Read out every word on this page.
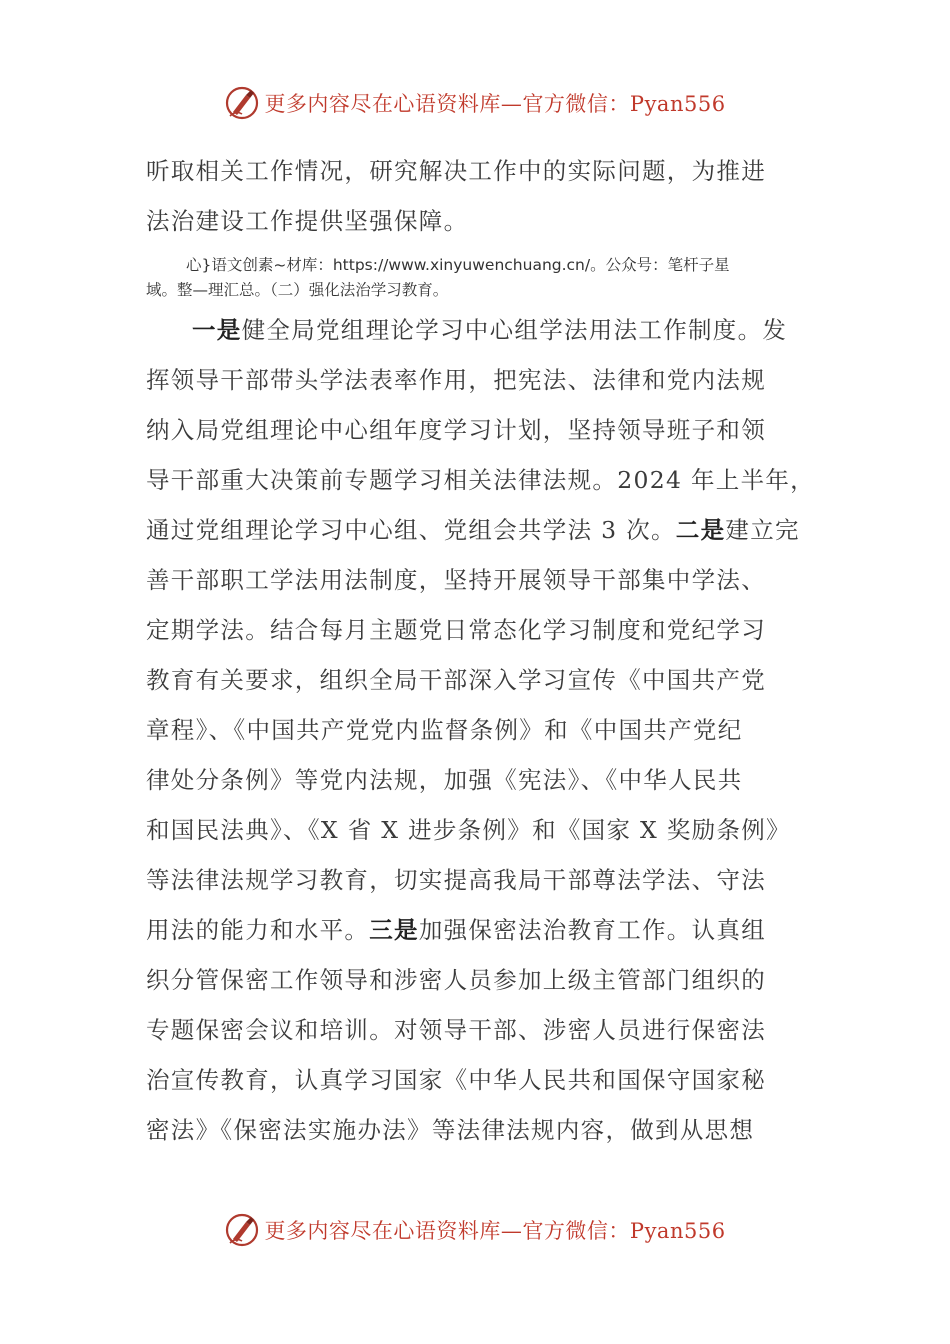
更多内容尽在心语资料库—官方微信：Pyan556
听取相关工作情况，研究解决工作中的实际问题，为推进
法治建设工作提供坚强保障。
心}语文创素~材库：https://www.xinyuwenchuang.cn/。公众号：笔杆子星
域。整—理汇总。（二）强化法治学习教育。
一是健全局党组理论学习中心组学法用法工作制度。发
挥领导干部带头学法表率作用，把宪法、法律和党内法规
纳入局党组理论中心组年度学习计划，坚持领导班子和领
导干部重大决策前专题学习相关法律法规。2024 年上半年，
通过党组理论学习中心组、党组会共学法 3 次。二是建立完
善干部职工学法用法制度，坚持开展领导干部集中学法、
定期学法。结合每月主题党日常态化学习制度和党纪学习
教育有关要求，组织全局干部深入学习宣传《中国共产党
章程》、《中国共产党党内监督条例》和《中国共产党纪
律处分条例》等党内法规，加强《宪法》、《中华人民共
和国民法典》、《X 省 X 进步条例》和《国家 X 奖励条例》
等法律法规学习教育，切实提高我局干部尊法学法、守法
用法的能力和水平。三是加强保密法治教育工作。认真组
织分管保密工作领导和涉密人员参加上级主管部门组织的
专题保密会议和培训。对领导干部、涉密人员进行保密法
治宣传教育，认真学习国家《中华人民共和国保守国家秘
密法》《保密法实施办法》等法律法规内容，做到从思想
更多内容尽在心语资料库—官方微信：Pyan556
